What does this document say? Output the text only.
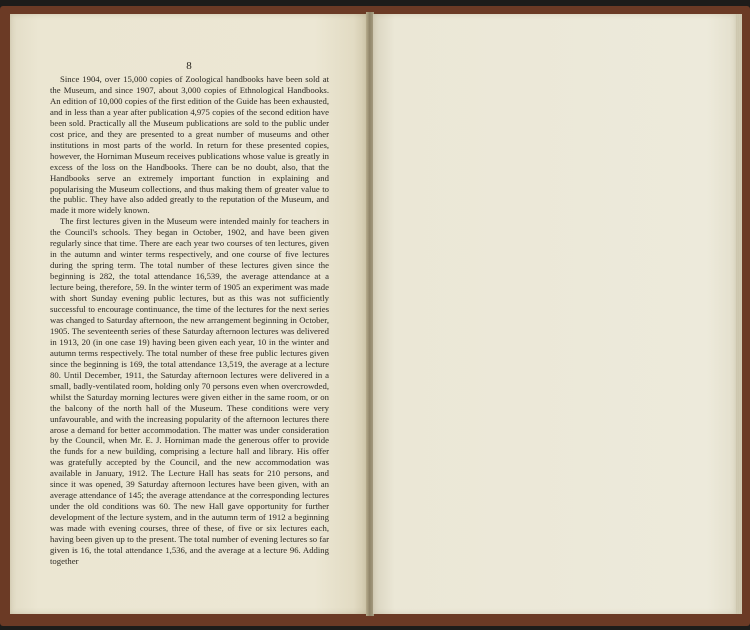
8

Since 1904, over 15,000 copies of Zoological handbooks have been sold at the Museum, and since 1907, about 3,000 copies of Ethnological Handbooks. An edition of 10,000 copies of the first edition of the Guide has been exhausted, and in less than a year after publication 4,975 copies of the second edition have been sold. Practically all the Museum publications are sold to the public under cost price, and they are presented to a great number of museums and other institutions in most parts of the world. In return for these presented copies, however, the Horniman Museum receives publications whose value is greatly in excess of the loss on the Handbooks. There can be no doubt, also, that the Handbooks serve an extremely important function in explaining and popularising the Museum collections, and thus making them of greater value to the public. They have also added greatly to the reputation of the Museum, and made it more widely known.

The first lectures given in the Museum were intended mainly for teachers in the Council's schools. They began in October, 1902, and have been given regularly since that time. There are each year two courses of ten lectures, given in the autumn and winter terms respectively, and one course of five lectures during the spring term. The total number of these lectures given since the beginning is 282, the total attendance 16,539, the average attendance at a lecture being, therefore, 59. In the winter term of 1905 an experiment was made with short Sunday evening public lectures, but as this was not sufficiently successful to encourage continuance, the time of the lectures for the next series was changed to Saturday afternoon, the new arrangement beginning in October, 1905. The seventeenth series of these Saturday afternoon lectures was delivered in 1913, 20 (in one case 19) having been given each year, 10 in the winter and autumn terms respectively. The total number of these free public lectures given since the beginning is 169, the total attendance 13,519, the average at a lecture 80. Until December, 1911, the Saturday afternoon lectures were delivered in a small, badly-ventilated room, holding only 70 persons even when overcrowded, whilst the Saturday morning lectures were given either in the same room, or on the balcony of the north hall of the Museum. These conditions were very unfavourable, and with the increasing popularity of the afternoon lectures there arose a demand for better accommodation. The matter was under consideration by the Council, when Mr. E. J. Horniman made the generous offer to provide the funds for a new building, comprising a lecture hall and library. His offer was gratefully accepted by the Council, and the new accommodation was available in January, 1912. The Lecture Hall has seats for 210 persons, and since it was opened, 39 Saturday afternoon lectures have been given, with an average attendance of 145; the average attendance at the corresponding lectures under the old conditions was 60. The new Hall gave opportunity for further development of the lecture system, and in the autumn term of 1912 a beginning was made with evening courses, three of these, of five or six lectures each, having been given up to the present. The total number of evening lectures so far given is 16, the total attendance 1,536, and the average at a lecture 96. Adding together
